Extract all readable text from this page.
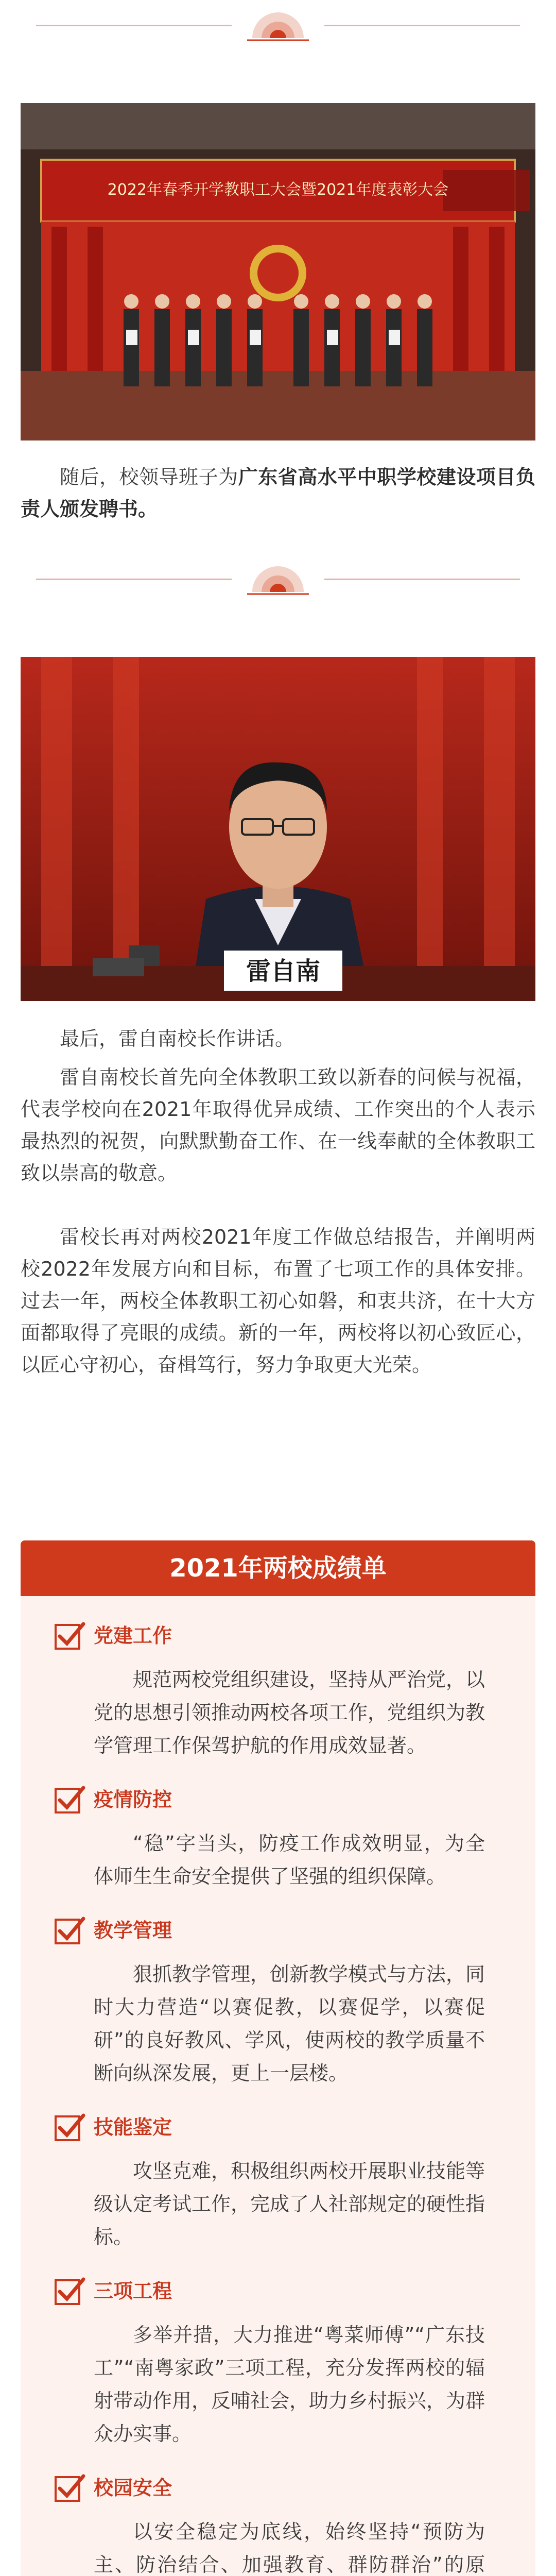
2022年春季开学教职工大会暨2021年度表彰大会

随后，校领导班子为广东省高水平中职学校建设项目负责人颁发聘书。

雷自南

最后，雷自南校长作讲话。

雷自南校长首先向全体教职工致以新春的问候与祝福，代表学校向在2021年取得优异成绩、工作突出的个人表示最热烈的祝贺，向默默勤奋工作、在一线奉献的全体教职工致以崇高的敬意。

雷校长再对两校2021年度工作做总结报告，并阐明两校2022年发展方向和目标，布置了七项工作的具体安排。过去一年，两校全体教职工初心如磐，和衷共济，在十大方面都取得了亮眼的成绩。新的一年，两校将以初心致匠心，以匠心守初心，奋楫笃行，努力争取更大光荣。

2021年两校成绩单
党建工作

规范两校党组织建设，坚持从严治党，以党的思想引领推动两校各项工作，党组织为教学管理工作保驾护航的作用成效显著。

疫情防控

“稳”字当头，防疫工作成效明显，为全体师生生命安全提供了坚强的组织保障。

教学管理

狠抓教学管理，创新教学模式与方法，同时大力营造“以赛促教，以赛促学，以赛促研”的良好教风、学风，使两校的教学质量不断向纵深发展，更上一层楼。

技能鉴定

攻坚克难，积极组织两校开展职业技能等级认定考试工作，完成了人社部规定的硬性指标。

三项工程

多举并措，大力推进“粤菜师傅”“广东技工”“南粤家政”三项工程，充分发挥两校的辐射带动作用，反哺社会，助力乡村振兴，为群众办实事。

校园安全

以安全稳定为底线，始终坚持“预防为主、防治结合、加强教育、群防群治”的原
